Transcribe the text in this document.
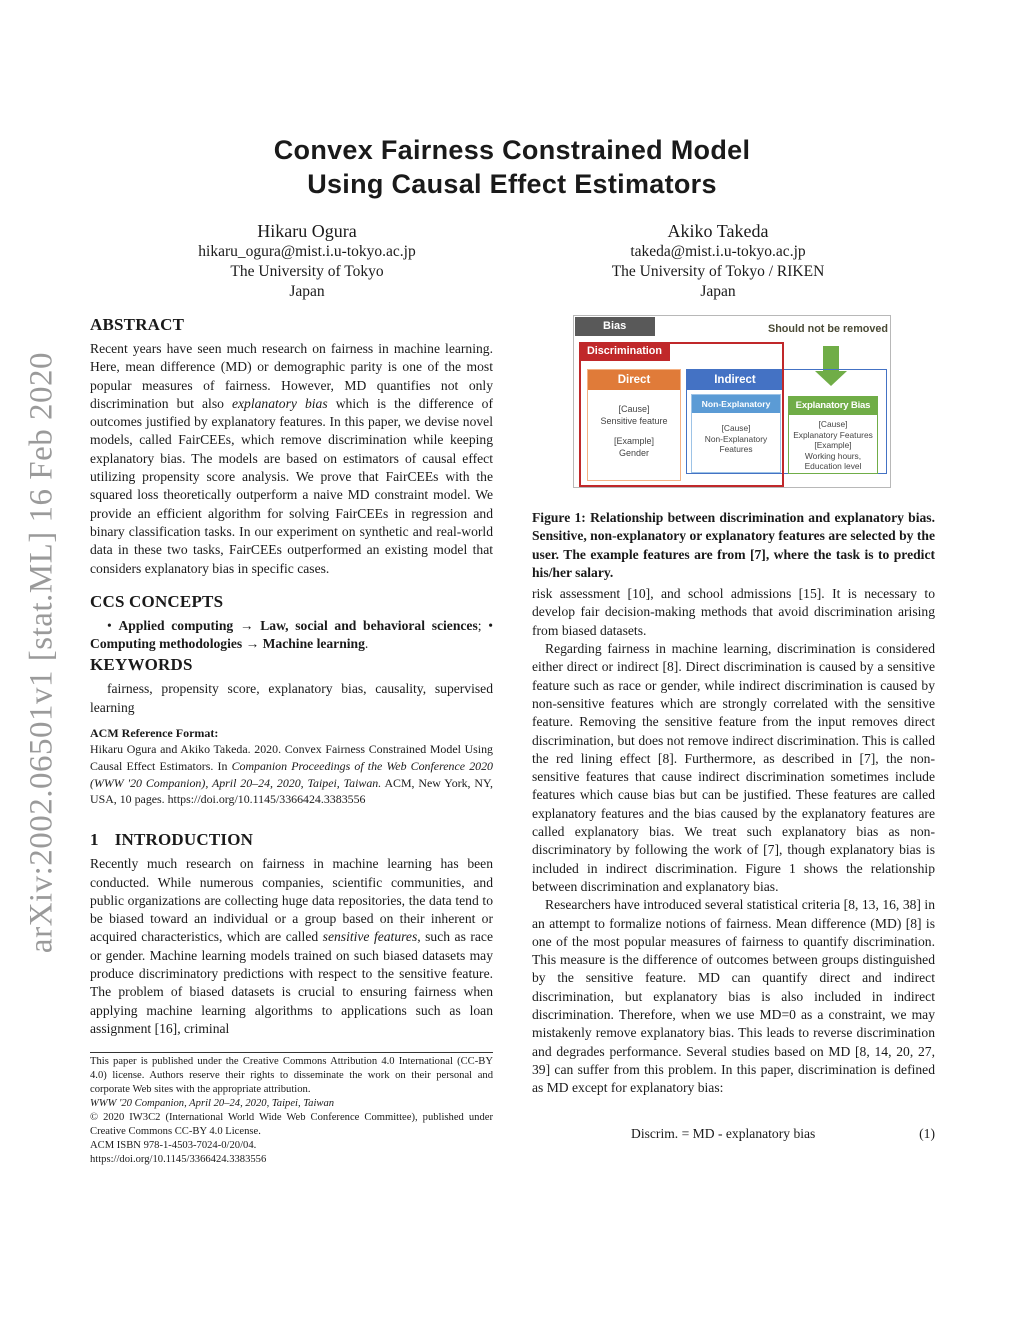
arXiv:2002.06501v1 [stat.ML] 16 Feb 2020
Convex Fairness Constrained Model
Using Causal Effect Estimators
Hikaru Ogura
hikaru_ogura@mist.i.u-tokyo.ac.jp
The University of Tokyo
Japan
Akiko Takeda
takeda@mist.i.u-tokyo.ac.jp
The University of Tokyo / RIKEN
Japan
ABSTRACT
Recent years have seen much research on fairness in machine learning. Here, mean difference (MD) or demographic parity is one of the most popular measures of fairness. However, MD quantifies not only discrimination but also explanatory bias which is the difference of outcomes justified by explanatory features. In this paper, we devise novel models, called FairCEEs, which remove discrimination while keeping explanatory bias. The models are based on estimators of causal effect utilizing propensity score analysis. We prove that FairCEEs with the squared loss theoretically outperform a naive MD constraint model. We provide an efficient algorithm for solving FairCEEs in regression and binary classification tasks. In our experiment on synthetic and real-world data in these two tasks, FairCEEs outperformed an existing model that considers explanatory bias in specific cases.
CCS CONCEPTS
• Applied computing → Law, social and behavioral sciences; • Computing methodologies → Machine learning.
KEYWORDS
fairness, propensity score, explanatory bias, causality, supervised learning
ACM Reference Format:
Hikaru Ogura and Akiko Takeda. 2020. Convex Fairness Constrained Model Using Causal Effect Estimators. In Companion Proceedings of the Web Conference 2020 (WWW '20 Companion), April 20–24, 2020, Taipei, Taiwan. ACM, New York, NY, USA, 10 pages. https://doi.org/10.1145/3366424.3383556
1 INTRODUCTION
Recently much research on fairness in machine learning has been conducted. While numerous companies, scientific communities, and public organizations are collecting huge data repositories, the data tend to be biased toward an individual or a group based on their inherent or acquired characteristics, which are called sensitive features, such as race or gender. Machine learning models trained on such biased datasets may produce discriminatory predictions with respect to the sensitive feature. The problem of biased datasets is crucial to ensuring fairness when applying machine learning algorithms to applications such as loan assignment [16], criminal
This paper is published under the Creative Commons Attribution 4.0 International (CC-BY 4.0) license. Authors reserve their rights to disseminate the work on their personal and corporate Web sites with the appropriate attribution.
WWW '20 Companion, April 20–24, 2020, Taipei, Taiwan
© 2020 IW3C2 (International World Wide Web Conference Committee), published under Creative Commons CC-BY 4.0 License.
ACM ISBN 978-1-4503-7024-0/20/04.
https://doi.org/10.1145/3366424.3383556
Bias	Should not be removed
Indirect
Non-Explanatory
[Cause]
Non-Explanatory
Features
Explanatory Bias
[Cause]
Explanatory Features
[Example]
Working hours,
Education level
Direct
[Cause]
Sensitive feature
[Example]
Gender
Discrimination
Figure 1: Relationship between discrimination and explanatory bias. Sensitive, non-explanatory or explanatory features are selected by the user. The example features are from [7], where the task is to predict his/her salary.
risk assessment [10], and school admissions [15]. It is necessary to develop fair decision-making methods that avoid discrimination arising from biased datasets.
Regarding fairness in machine learning, discrimination is considered either direct or indirect [8]. Direct discrimination is caused by a sensitive feature such as race or gender, while indirect discrimination is caused by non-sensitive features which are strongly correlated with the sensitive feature. Removing the sensitive feature from the input removes direct discrimination, but does not remove indirect discrimination. This is called the red lining effect [8]. Furthermore, as described in [7], the non-sensitive features that cause indirect discrimination sometimes include features which cause bias but can be justified. These features are called explanatory features and the bias caused by the explanatory features are called explanatory bias. We treat such explanatory bias as non-discriminatory by following the work of [7], though explanatory bias is included in indirect discrimination. Figure 1 shows the relationship between discrimination and explanatory bias.
Researchers have introduced several statistical criteria [8, 13, 16, 38] in an attempt to formalize notions of fairness. Mean difference (MD) [8] is one of the most popular measures of fairness to quantify discrimination. This measure is the difference of outcomes between groups distinguished by the sensitive feature. MD can quantify direct and indirect discrimination, but explanatory bias is also included in indirect discrimination. Therefore, when we use MD=0 as a constraint, we may mistakenly remove explanatory bias. This leads to reverse discrimination and degrades performance. Several studies based on MD [8, 14, 20, 27, 39] can suffer from this problem. In this paper, discrimination is defined as MD except for explanatory bias:
Discrim. = MD - explanatory bias	(1)
